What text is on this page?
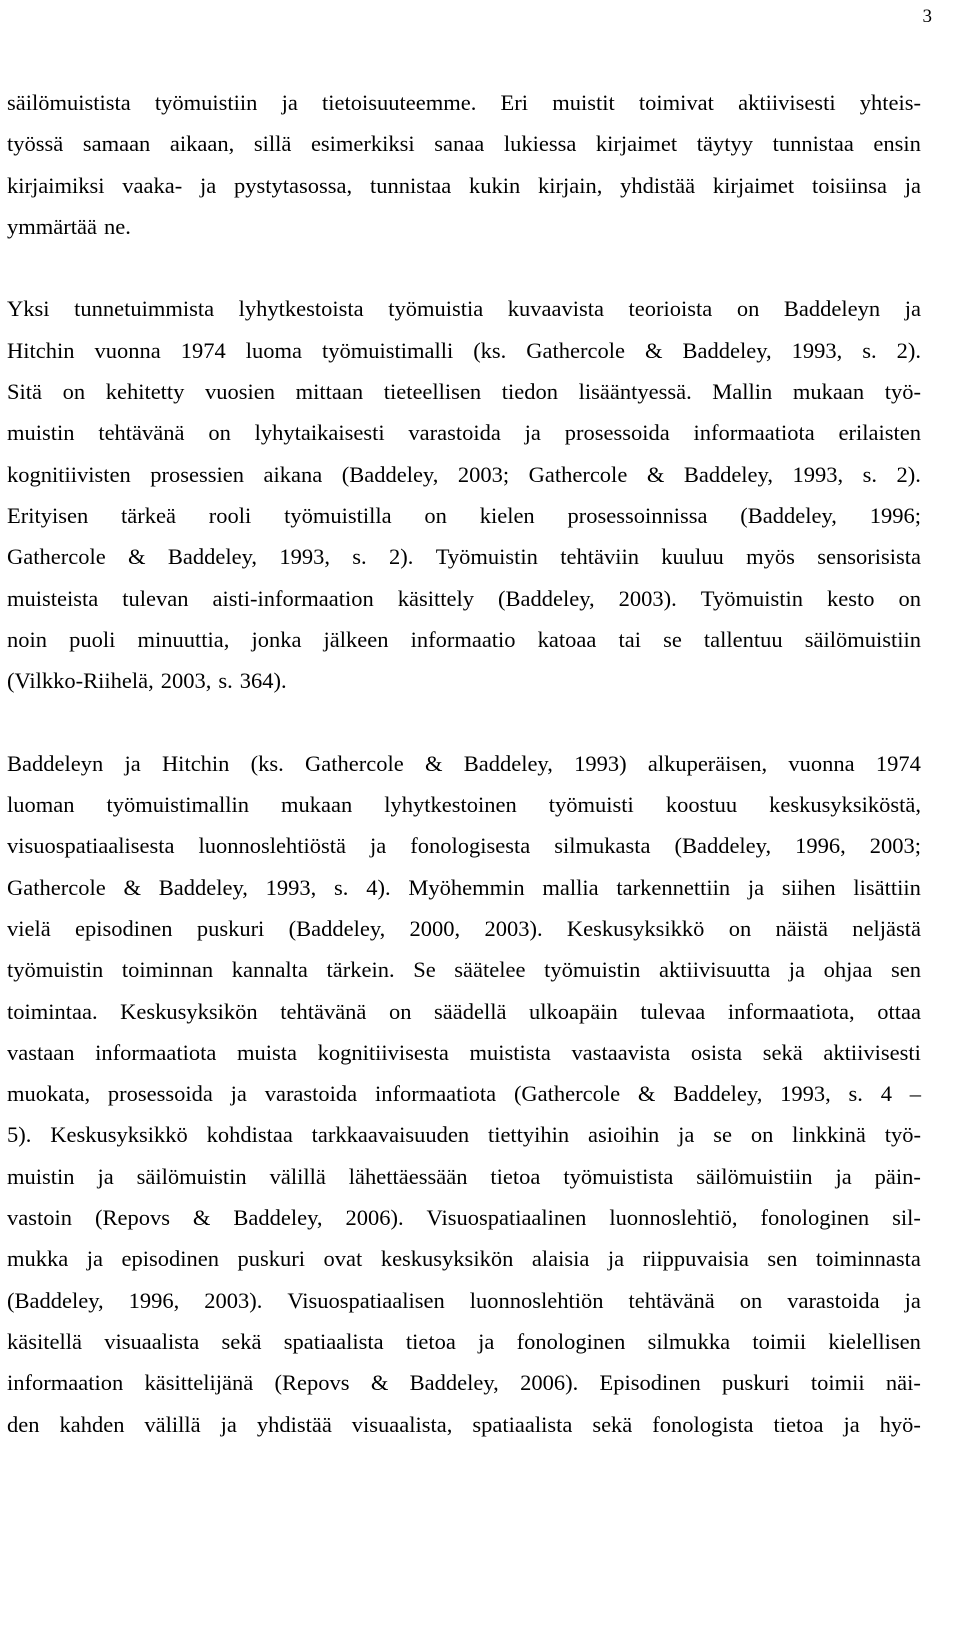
3
säilömuistista työmuistiin ja tietoisuuteemme. Eri muistit toimivat aktiivisesti yhteis-
työssä samaan aikaan, sillä esimerkiksi sanaa lukiessa kirjaimet täytyy tunnistaa ensin
kirjaimiksi vaaka- ja pystytasossa, tunnistaa kukin kirjain, yhdistää kirjaimet toisiinsa ja
ymmärtää ne.
Yksi tunnetuimmista lyhytkestoista työmuistia kuvaavista teorioista on Baddeleyn ja
Hitchin vuonna 1974 luoma työmuistimalli (ks. Gathercole & Baddeley, 1993, s. 2).
Sitä on kehitetty vuosien mittaan tieteellisen tiedon lisääntyessä. Mallin mukaan työ-
muistin tehtävänä on lyhytaikaisesti varastoida ja prosessoida informaatiota erilaisten
kognitiivisten prosessien aikana (Baddeley, 2003; Gathercole & Baddeley, 1993, s. 2).
Erityisen tärkeä rooli työmuistilla on kielen prosessoinnissa (Baddeley, 1996;
Gathercole & Baddeley, 1993, s. 2). Työmuistin tehtäviin kuuluu myös sensorisista
muisteista tulevan aisti-informaation käsittely (Baddeley, 2003). Työmuistin kesto on
noin puoli minuuttia, jonka jälkeen informaatio katoaa tai se tallentuu säilömuistiin
(Vilkko-Riihelä, 2003, s. 364).
Baddeleyn ja Hitchin (ks. Gathercole & Baddeley, 1993) alkuperäisen, vuonna 1974
luoman työmuistimallin mukaan lyhytkestoinen työmuisti koostuu keskusyksiköstä,
visuospatiaalisesta luonnoslehtiöstä ja fonologisesta silmukasta (Baddeley, 1996, 2003;
Gathercole & Baddeley, 1993, s. 4). Myöhemmin mallia tarkennettiin ja siihen lisättiin
vielä episodinen puskuri (Baddeley, 2000, 2003). Keskusyksikkö on näistä neljästä
työmuistin toiminnan kannalta tärkein. Se säätelee työmuistin aktiivisuutta ja ohjaa sen
toimintaa. Keskusyksikön tehtävänä on säädellä ulkoapäin tulevaa informaatiota, ottaa
vastaan informaatiota muista kognitiivisesta muistista vastaavista osista sekä aktiivisesti
muokata, prosessoida ja varastoida informaatiota (Gathercole & Baddeley, 1993, s. 4 –
5). Keskusyksikkö kohdistaa tarkkaavaisuuden tiettyihin asioihin ja se on linkkinä työ-
muistin ja säilömuistin välillä lähettäessään tietoa työmuistista säilömuistiin ja päin-
vastoin (Repovs & Baddeley, 2006). Visuospatiaalinen luonnoslehtiö, fonologinen sil-
mukka ja episodinen puskuri ovat keskusyksikön alaisia ja riippuvaisia sen toiminnasta
(Baddeley, 1996, 2003). Visuospatiaalisen luonnoslehtiön tehtävänä on varastoida ja
käsitellä visuaalista sekä spatiaalista tietoa ja fonologinen silmukka toimii kielellisen
informaation käsittelijänä (Repovs & Baddeley, 2006). Episodinen puskuri toimii näi-
den kahden välillä ja yhdistää visuaalista, spatiaalista sekä fonologista tietoa ja hyö-
